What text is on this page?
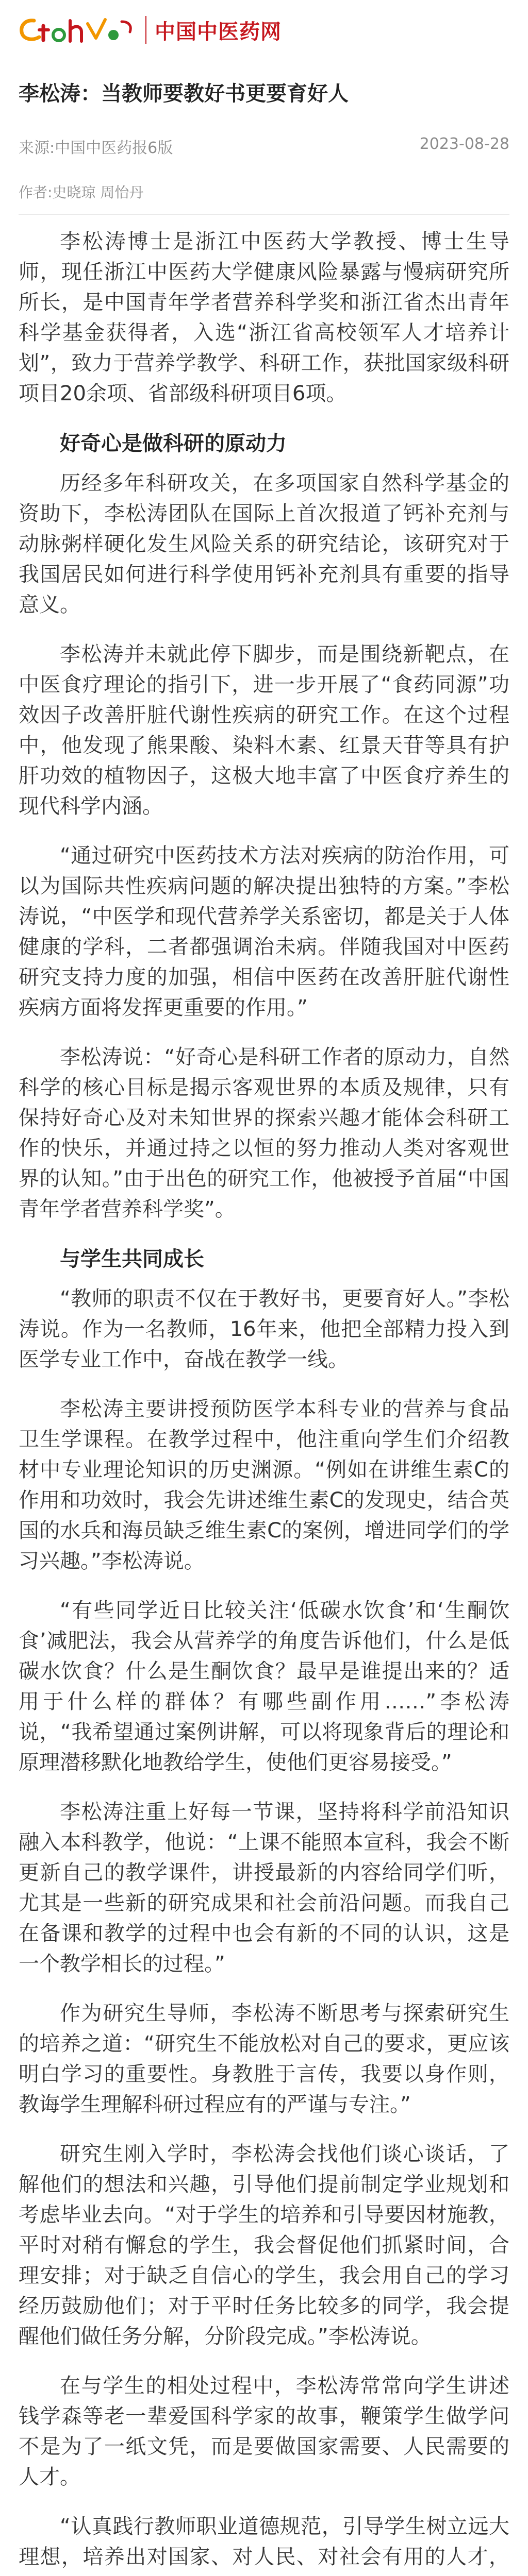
中国中医药网
李松涛：当教师要教好书更要育好人
来源:中国中医药报6版	2023-08-28
作者:史晓琼 周怡丹

李松涛博士是浙江中医药大学教授、博士生导师，现任浙江中医药大学健康风险暴露与慢病研究所所长，是中国青年学者营养科学奖和浙江省杰出青年科学基金获得者，入选“浙江省高校领军人才培养计划”，致力于营养学教学、科研工作，获批国家级科研项目20余项、省部级科研项目6项。

好奇心是做科研的原动力

历经多年科研攻关，在多项国家自然科学基金的资助下，李松涛团队在国际上首次报道了钙补充剂与动脉粥样硬化发生风险关系的研究结论，该研究对于我国居民如何进行科学使用钙补充剂具有重要的指导意义。

李松涛并未就此停下脚步，而是围绕新靶点，在中医食疗理论的指引下，进一步开展了“食药同源”功效因子改善肝脏代谢性疾病的研究工作。在这个过程中，他发现了熊果酸、染料木素、红景天苷等具有护肝功效的植物因子，这极大地丰富了中医食疗养生的现代科学内涵。

“通过研究中医药技术方法对疾病的防治作用，可以为国际共性疾病问题的解决提出独特的方案。”李松涛说，“中医学和现代营养学关系密切，都是关于人体健康的学科，二者都强调治未病。伴随我国对中医药研究支持力度的加强，相信中医药在改善肝脏代谢性疾病方面将发挥更重要的作用。”

李松涛说：“好奇心是科研工作者的原动力，自然科学的核心目标是揭示客观世界的本质及规律，只有保持好奇心及对未知世界的探索兴趣才能体会科研工作的快乐，并通过持之以恒的努力推动人类对客观世界的认知。”由于出色的研究工作，他被授予首届“中国青年学者营养科学奖”。

与学生共同成长

“教师的职责不仅在于教好书，更要育好人。”李松涛说。作为一名教师，16年来，他把全部精力投入到医学专业工作中，奋战在教学一线。

李松涛主要讲授预防医学本科专业的营养与食品卫生学课程。在教学过程中，他注重向学生们介绍教材中专业理论知识的历史渊源。“例如在讲维生素C的作用和功效时，我会先讲述维生素C的发现史，结合英国的水兵和海员缺乏维生素C的案例，增进同学们的学习兴趣。”李松涛说。

“有些同学近日比较关注‘低碳水饮食’和‘生酮饮食’减肥法，我会从营养学的角度告诉他们，什么是低碳水饮食？什么是生酮饮食？最早是谁提出来的？适用于什么样的群体？有哪些副作用……”李松涛说，“我希望通过案例讲解，可以将现象背后的理论和原理潜移默化地教给学生，使他们更容易接受。”

李松涛注重上好每一节课，坚持将科学前沿知识融入本科教学，他说：“上课不能照本宣科，我会不断更新自己的教学课件，讲授最新的内容给同学们听，尤其是一些新的研究成果和社会前沿问题。而我自己在备课和教学的过程中也会有新的不同的认识，这是一个教学相长的过程。”

作为研究生导师，李松涛不断思考与探索研究生的培养之道：“研究生不能放松对自己的要求，更应该明白学习的重要性。身教胜于言传，我要以身作则，教诲学生理解科研过程应有的严谨与专注。”

研究生刚入学时，李松涛会找他们谈心谈话，了解他们的想法和兴趣，引导他们提前制定学业规划和考虑毕业去向。“对于学生的培养和引导要因材施教，平时对稍有懈怠的学生，我会督促他们抓紧时间，合理安排；对于缺乏自信心的学生，我会用自己的学习经历鼓励他们；对于平时任务比较多的同学，我会提醒他们做任务分解，分阶段完成。”李松涛说。

在与学生的相处过程中，李松涛常常向学生讲述钱学森等老一辈爱国科学家的故事，鞭策学生做学问不是为了一纸文凭，而是要做国家需要、人民需要的人才。

“认真践行教师职业道德规范，引导学生树立远大理想，培养出对国家、对人民、对社会有用的人才，
